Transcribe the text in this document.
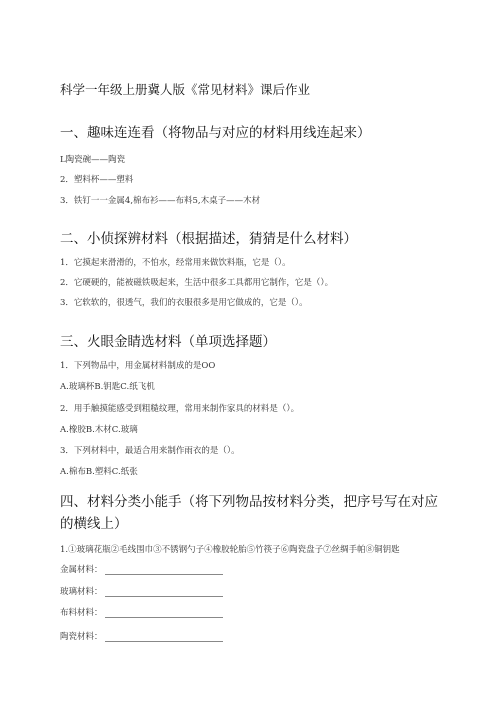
科学一年级上册冀人版《常见材料》课后作业
一、趣味连连看（将物品与对应的材料用线连起来）
L陶瓷碗——陶瓷
2．塑料杯——塑料
3．铁钉一一金属4,棉布衫——布料5,木桌子——木材
二、小侦探辨材料（根据描述，猜猜是什么材料）
1．它摸起来滑滑的，不怕水，经常用来做饮料瓶，它是（）。
2．它硬硬的，能被磁铁吸起来，生活中很多工具都用它制作，它是（）。
3．它软软的，很透气，我们的衣服很多是用它做成的，它是（）。
三、火眼金睛选材料（单项选择题）
1．下列物品中，用金属材料制成的是OO
A.玻璃杯B.钥匙C.纸飞机
2．用手触摸能感受到粗糙纹理，常用来制作家具的材料是（）。
A.橡胶B.木材C.玻璃
3．下列材料中，最适合用来制作雨衣的是（）。
A.棉布B.塑料C.纸张
四、材料分类小能手（将下列物品按材料分类，把序号写在对应的横线上）
1.①玻璃花瓶②毛线围巾③不锈钢勺子④橡胶轮胎⑤竹筷子⑥陶瓷盘子⑦丝绸手帕⑧铜钥匙
金属材料：
玻璃材料：
布料材料：
陶瓷材料：
